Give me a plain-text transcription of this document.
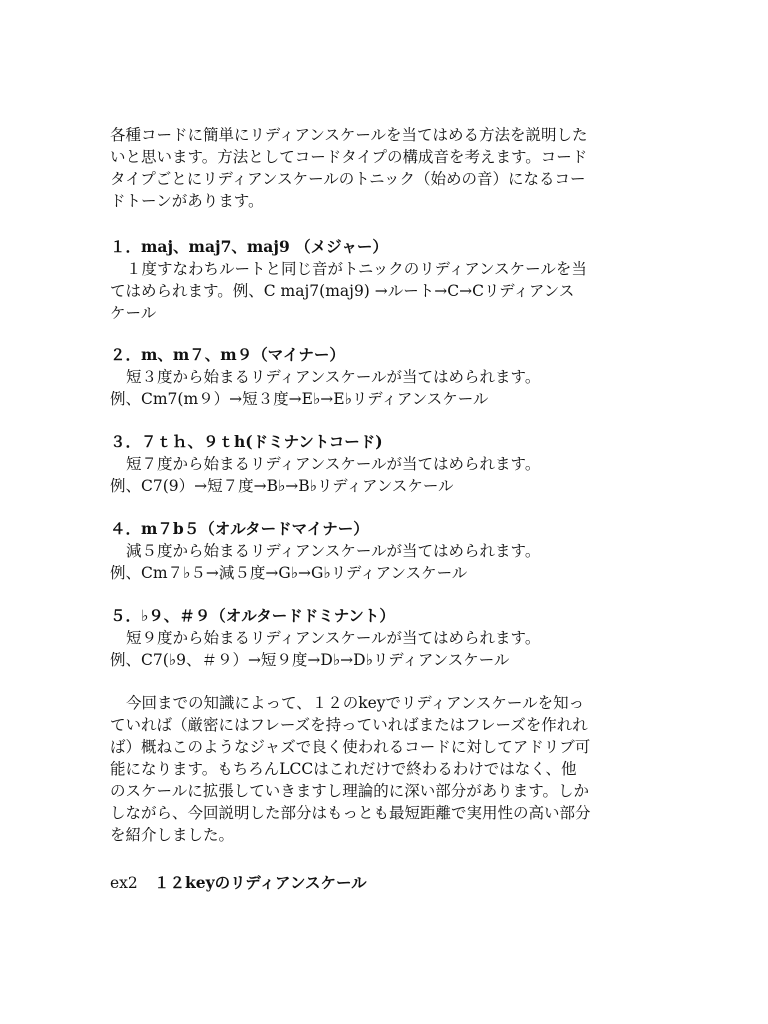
各種コードに簡単にリディアンスケールを当てはめる方法を説明した
いと思います。方法としてコードタイプの構成音を考えます。コード
タイプごとにリディアンスケールのトニック（始めの音）になるコー
ドトーンがあります。
１．maj、maj7、maj9 （メジャー）
１度すなわちルートと同じ音がトニックのリディアンスケールを当
てはめられます。例、C maj7(maj9) →ルート→C→Cリディアンス
ケール
２．m、m７、m９（マイナー）
短３度から始まるリディアンスケールが当てはめられます。
例、Cm7(m９）→短３度→E♭→E♭リディアンスケール
３．７ｔｈ、９ｔh(ドミナントコード)
短７度から始まるリディアンスケールが当てはめられます。
例、C7(9）→短７度→B♭→B♭リディアンスケール
４．m７b５（オルタードマイナー）
減５度から始まるリディアンスケールが当てはめられます。
例、Cm７♭５→減５度→G♭→G♭リディアンスケール
５．♭９、＃９（オルタードドミナント）
短９度から始まるリディアンスケールが当てはめられます。
例、C7(♭9、＃９）→短９度→D♭→D♭リディアンスケール
今回までの知識によって、１２のkeyでリディアンスケールを知っ
ていれば（厳密にはフレーズを持っていればまたはフレーズを作れれ
ば）概ねこのようなジャズで良く使われるコードに対してアドリブ可
能になります。もちろんLCCはこれだけで終わるわけではなく、他
のスケールに拡張していきますし理論的に深い部分があります。しか
しながら、今回説明した部分はもっとも最短距離で実用性の高い部分
を紹介しました。
ex2 １２keyのリディアンスケール
